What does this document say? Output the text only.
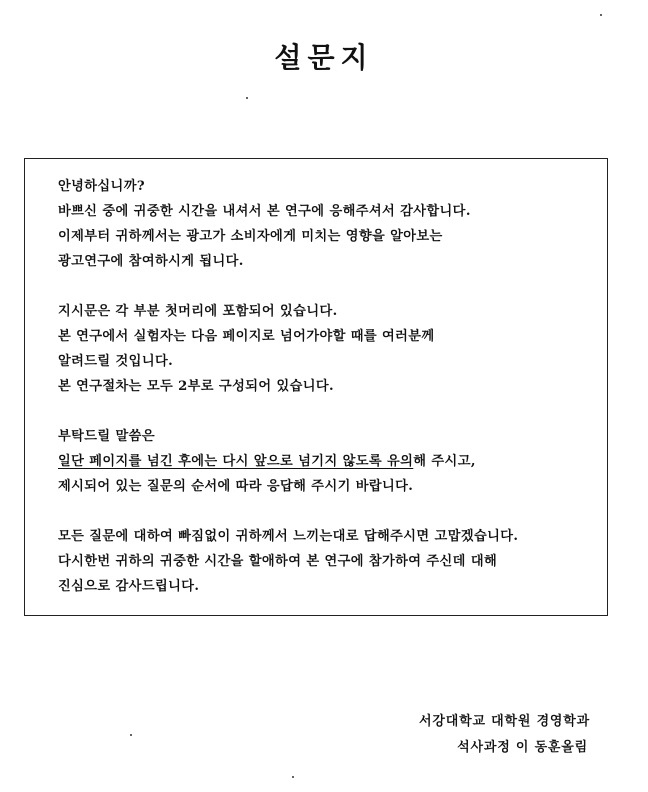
설문지
안녕하십니까?
바쁘신 중에 귀중한 시간을 내셔서 본 연구에 응해주셔서 감사합니다.
이제부터 귀하께서는 광고가 소비자에게 미치는 영향을 알아보는
광고연구에 참여하시게 됩니다.
지시문은 각 부분 첫머리에 포함되어 있습니다.
본 연구에서 실험자는 다음 페이지로 넘어가야할 때를 여러분께
알려드릴 것입니다.
본 연구절차는 모두 2부로 구성되어 있습니다.
부탁드릴 말씀은
일단 페이지를 넘긴 후에는 다시 앞으로 넘기지 않도록 유의해 주시고,
제시되어 있는 질문의 순서에 따라 응답해 주시기 바랍니다.
모든 질문에 대하여 빠짐없이 귀하께서 느끼는대로 답해주시면 고맙겠습니다.
다시한번 귀하의 귀중한 시간을 할애하여 본 연구에 참가하여 주신데 대해
진심으로 감사드립니다.
서강대학교 대학원 경영학과
석사과정 이 동훈올림
